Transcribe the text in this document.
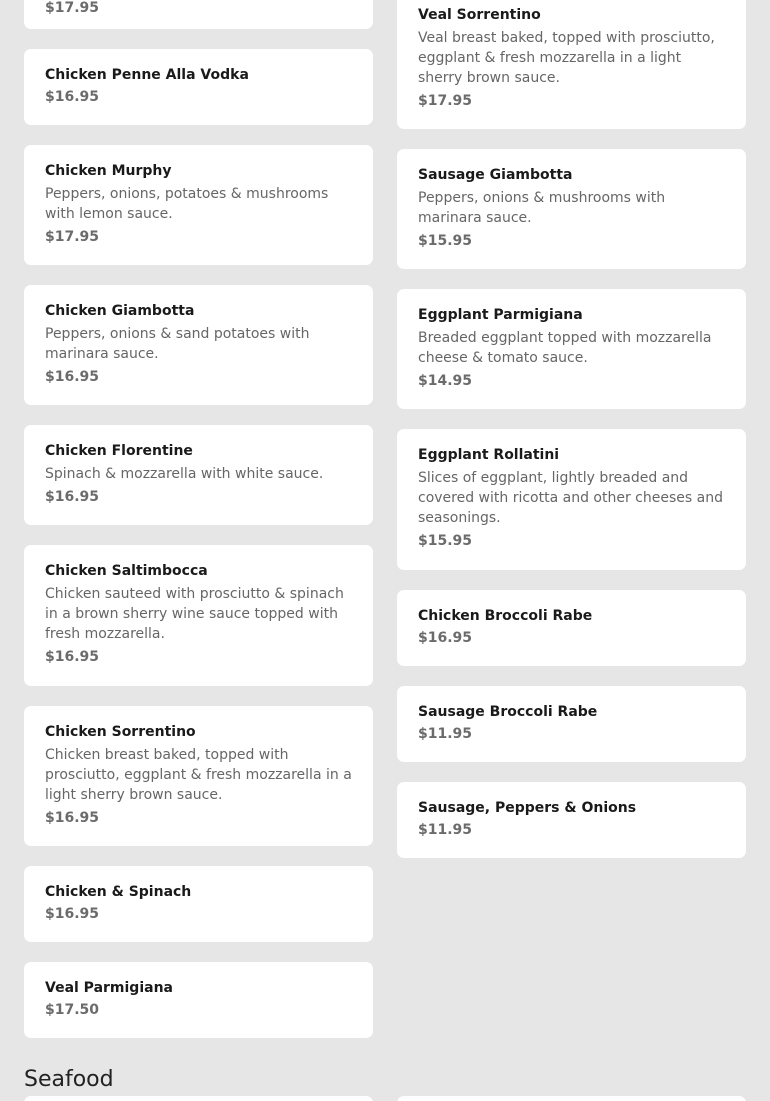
$17.95
Chicken Penne Alla Vodka
$16.95
Chicken Murphy
Peppers, onions, potatoes & mushrooms with lemon sauce.
$17.95
Chicken Giambotta
Peppers, onions & sand potatoes with marinara sauce.
$16.95
Chicken Florentine
Spinach & mozzarella with white sauce.
$16.95
Chicken Saltimbocca
Chicken sauteed with prosciutto & spinach in a brown sherry wine sauce topped with fresh mozzarella.
$16.95
Chicken Sorrentino
Chicken breast baked, topped with prosciutto, eggplant & fresh mozzarella in a light sherry brown sauce.
$16.95
Chicken & Spinach
$16.95
Veal Parmigiana
$17.50
Veal Sorrentino
Veal breast baked, topped with prosciutto, eggplant & fresh mozzarella in a light sherry brown sauce.
$17.95
Sausage Giambotta
Peppers, onions & mushrooms with marinara sauce.
$15.95
Eggplant Parmigiana
Breaded eggplant topped with mozzarella cheese & tomato sauce.
$14.95
Eggplant Rollatini
Slices of eggplant, lightly breaded and covered with ricotta and other cheeses and seasonings.
$15.95
Chicken Broccoli Rabe
$16.95
Sausage Broccoli Rabe
$11.95
Sausage, Peppers & Onions
$11.95
Seafood
